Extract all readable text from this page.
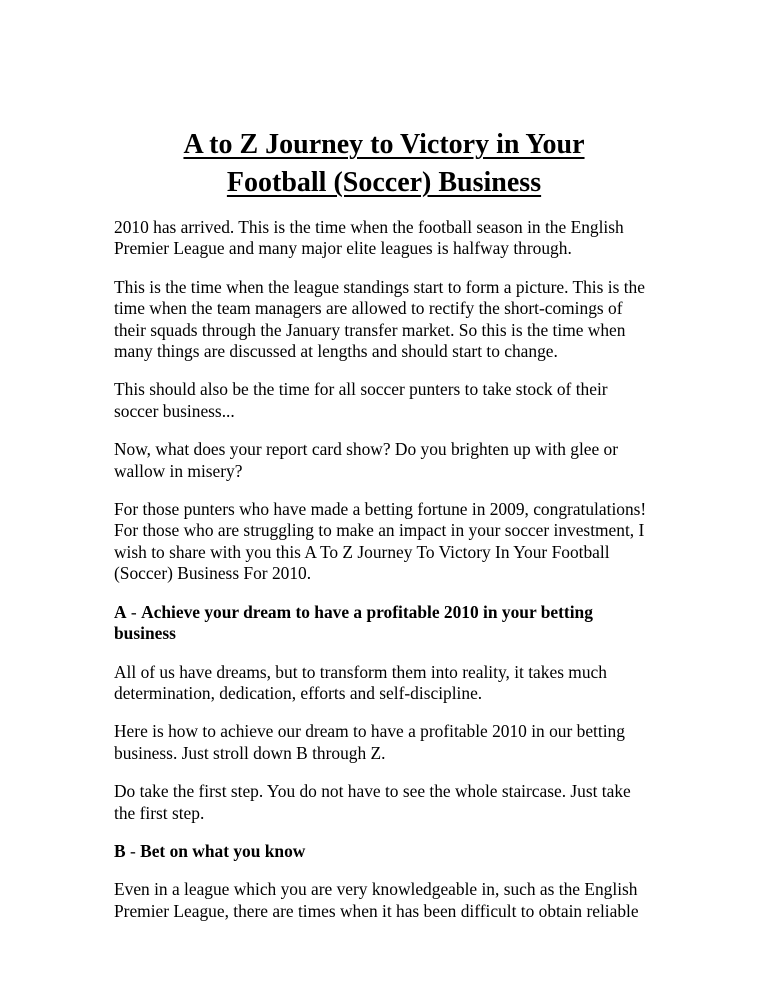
A to Z Journey to Victory in Your
Football (Soccer) Business

2010 has arrived. This is the time when the football season in the English
Premier League and many major elite leagues is halfway through.

This is the time when the league standings start to form a picture. This is the
time when the team managers are allowed to rectify the short-comings of
their squads through the January transfer market. So this is the time when
many things are discussed at lengths and should start to change.

This should also be the time for all soccer punters to take stock of their
soccer business...

Now, what does your report card show? Do you brighten up with glee or
wallow in misery?

For those punters who have made a betting fortune in 2009, congratulations!
For those who are struggling to make an impact in your soccer investment, I
wish to share with you this A To Z Journey To Victory In Your Football
(Soccer) Business For 2010.

A - Achieve your dream to have a profitable 2010 in your betting
business

All of us have dreams, but to transform them into reality, it takes much
determination, dedication, efforts and self-discipline.

Here is how to achieve our dream to have a profitable 2010 in our betting
business. Just stroll down B through Z.

Do take the first step. You do not have to see the whole staircase. Just take
the first step.

B - Bet on what you know

Even in a league which you are very knowledgeable in, such as the English
Premier League, there are times when it has been difficult to obtain reliable
